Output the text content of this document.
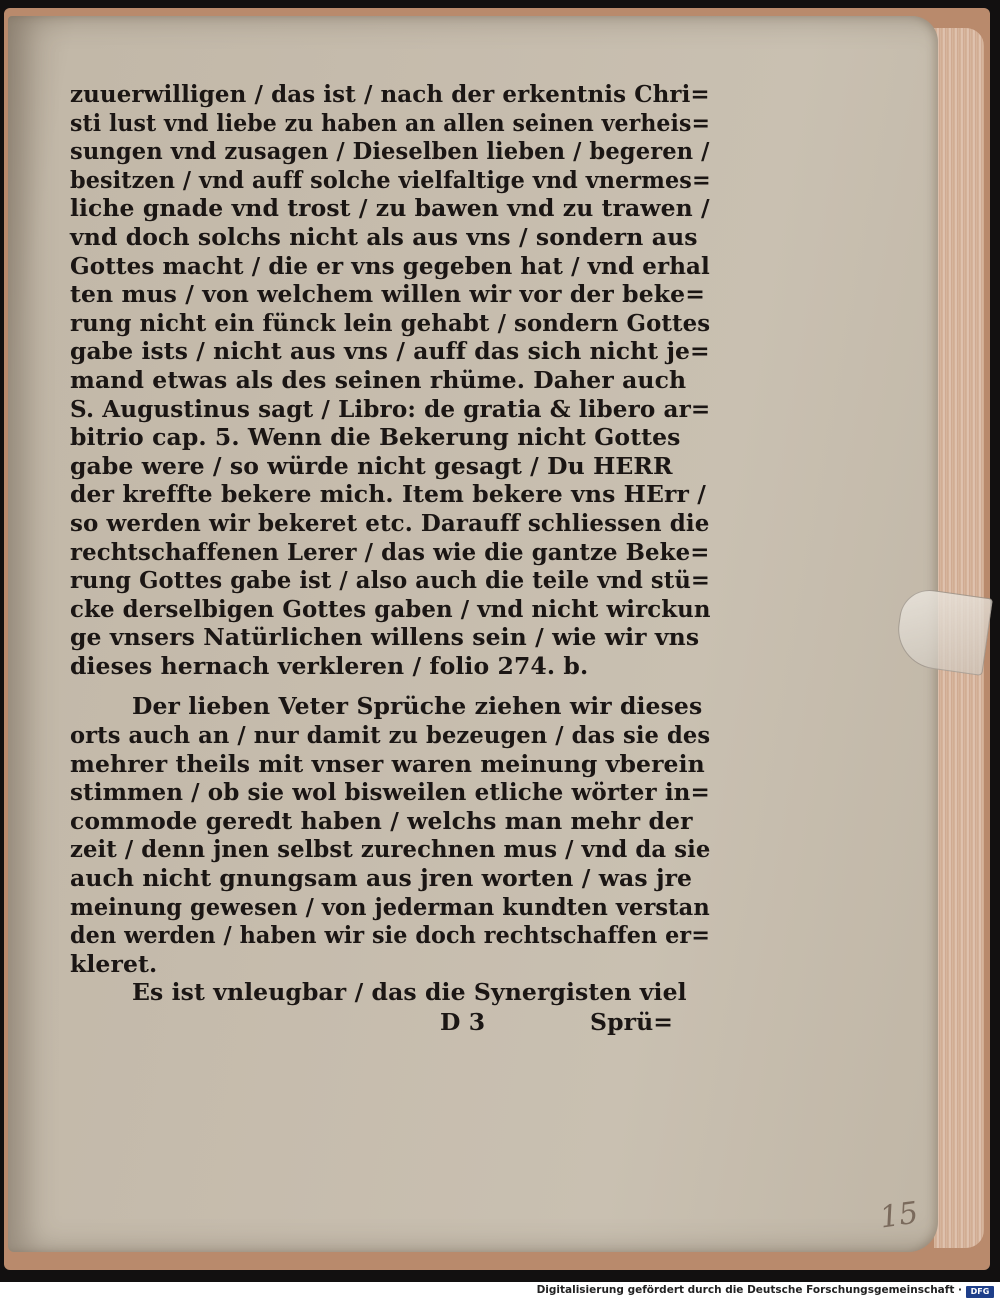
zuuerwilligen / das ist / nach der erkentnis Chri=
sti lust vnd liebe zu haben an allen seinen verheis=
sungen vnd zusagen / Dieselben lieben / begeren /
besitzen / vnd auff solche vielfaltige vnd vnermes=
liche gnade vnd trost / zu bawen vnd zu trawen /
vnd doch solchs nicht als aus vns / sondern aus
Gottes macht / die er vns gegeben hat / vnd erhal
ten mus / von welchem willen wir vor der beke=
rung nicht ein fünck lein gehabt / sondern Gottes
gabe ists / nicht aus vns / auff das sich nicht je=
mand etwas als des seinen rhüme. Daher auch
S. Augustinus sagt / Libro: de gratia & libero ar=
bitrio cap. 5. Wenn die Bekerung nicht Gottes
gabe were / so würde nicht gesagt / Du HERR
der kreffte bekere mich. Item bekere vns HErr /
so werden wir bekeret etc. Darauff schliessen die
rechtschaffenen Lerer / das wie die gantze Beke=
rung Gottes gabe ist / also auch die teile vnd stü=
cke derselbigen Gottes gaben / vnd nicht wirckun
ge vnsers Natürlichen willens sein / wie wir vns
dieses hernach verkleren / folio 274. b.
Der lieben Veter Sprüche ziehen wir dieses
orts auch an / nur damit zu bezeugen / das sie des
mehrer theils mit vnser waren meinung vberein
stimmen / ob sie wol bisweilen etliche wörter in=
commode geredt haben / welchs man mehr der
zeit / denn jnen selbst zurechnen mus / vnd da sie
auch nicht gnungsam aus jren worten / was jre
meinung gewesen / von jederman kundten verstan
den werden / haben wir sie doch rechtschaffen er=
kleret.
Es ist vnleugbar / das die Synergisten viel
D 3	Sprü=
15
Digitalisierung gefördert durch die Deutsche Forschungsgemeinschaft ·	DFG
